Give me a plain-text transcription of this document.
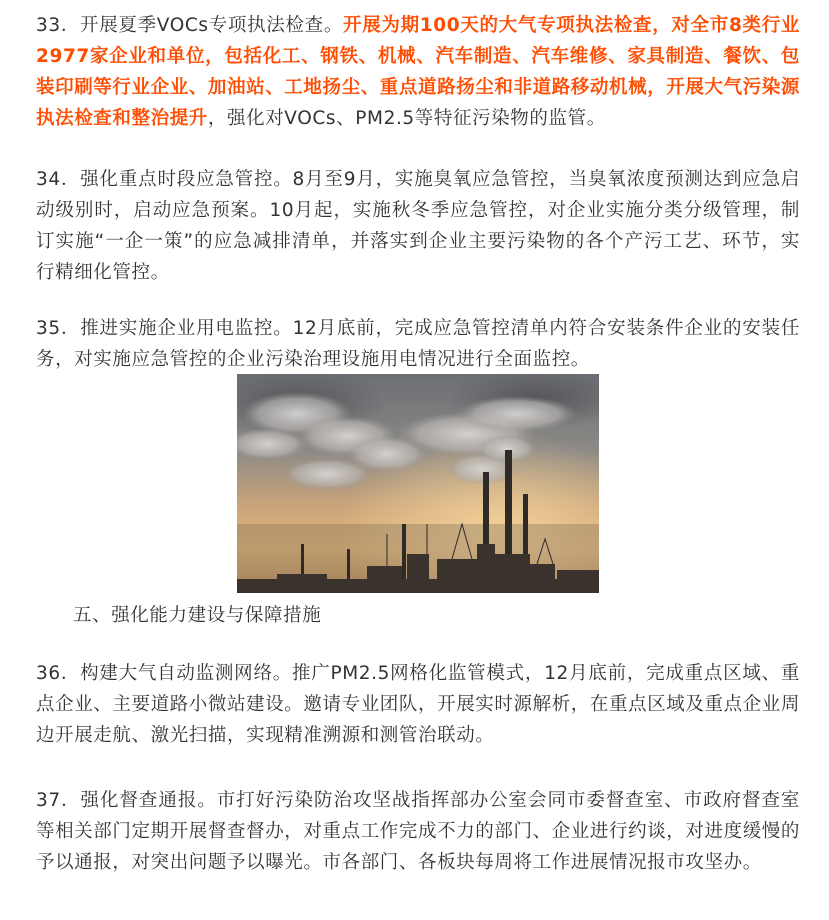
33．开展夏季VOCs专项执法检查。开展为期100天的大气专项执法检查，对全市8类行业2977家企业和单位，包括化工、钢铁、机械、汽车制造、汽车维修、家具制造、餐饮、包装印刷等行业企业、加油站、工地扬尘、重点道路扬尘和非道路移动机械，开展大气污染源执法检查和整治提升，强化对VOCs、PM2.5等特征污染物的监管。

34．强化重点时段应急管控。8月至9月，实施臭氧应急管控，当臭氧浓度预测达到应急启动级别时，启动应急预案。10月起，实施秋冬季应急管控，对企业实施分类分级管理，制订实施“一企一策”的应急减排清单，并落实到企业主要污染物的各个产污工艺、环节，实行精细化管控。

35．推进实施企业用电监控。12月底前，完成应急管控清单内符合安装条件企业的安装任务，对实施应急管控的企业污染治理设施用电情况进行全面监控。

五、强化能力建设与保障措施

36．构建大气自动监测网络。推广PM2.5网格化监管模式，12月底前，完成重点区域、重点企业、主要道路小微站建设。邀请专业团队，开展实时源解析，在重点区域及重点企业周边开展走航、激光扫描，实现精准溯源和测管治联动。

37．强化督查通报。市打好污染防治攻坚战指挥部办公室会同市委督查室、市政府督查室等相关部门定期开展督查督办，对重点工作完成不力的部门、企业进行约谈，对进度缓慢的予以通报，对突出问题予以曝光。市各部门、各板块每周将工作进展情况报市攻坚办。
